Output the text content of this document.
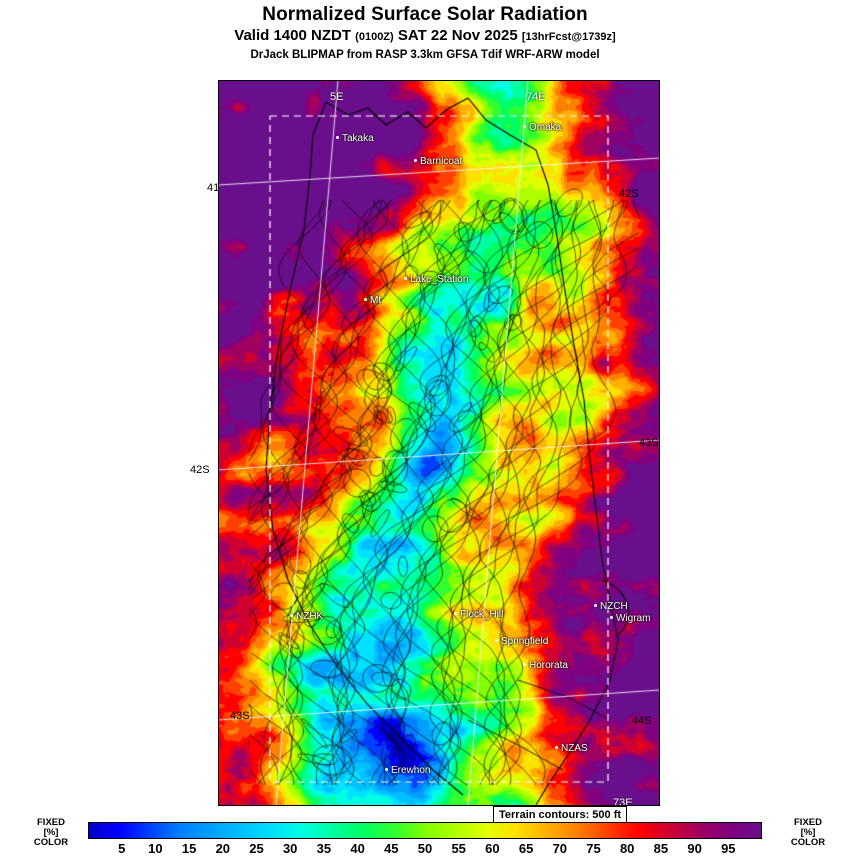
Normalized Surface Solar Radiation
Valid 1400 NZDT (0100Z) SAT 22 Nov 2025 [13hrFcst@1739z]
DrJack BLIPMAP from RASP 3.3km GFSA Tdif WRF-ARW model
Takaka
Omaka
Barnicoat
Lake_Station
Mt
NZHK	Flock_Hill
NZCH
Wigram
Springfield
Hororata
NZAS
Erewhon
5E	74E
73E
41	42S
43S
42S
43S	44S
Terrain contours: 500 ft
FIXED
[%]
COLOR
FIXED
[%]
COLOR
5 10 15 20 25 30 35 40 45 50 55 60 65 70 75 80 85 90 95
